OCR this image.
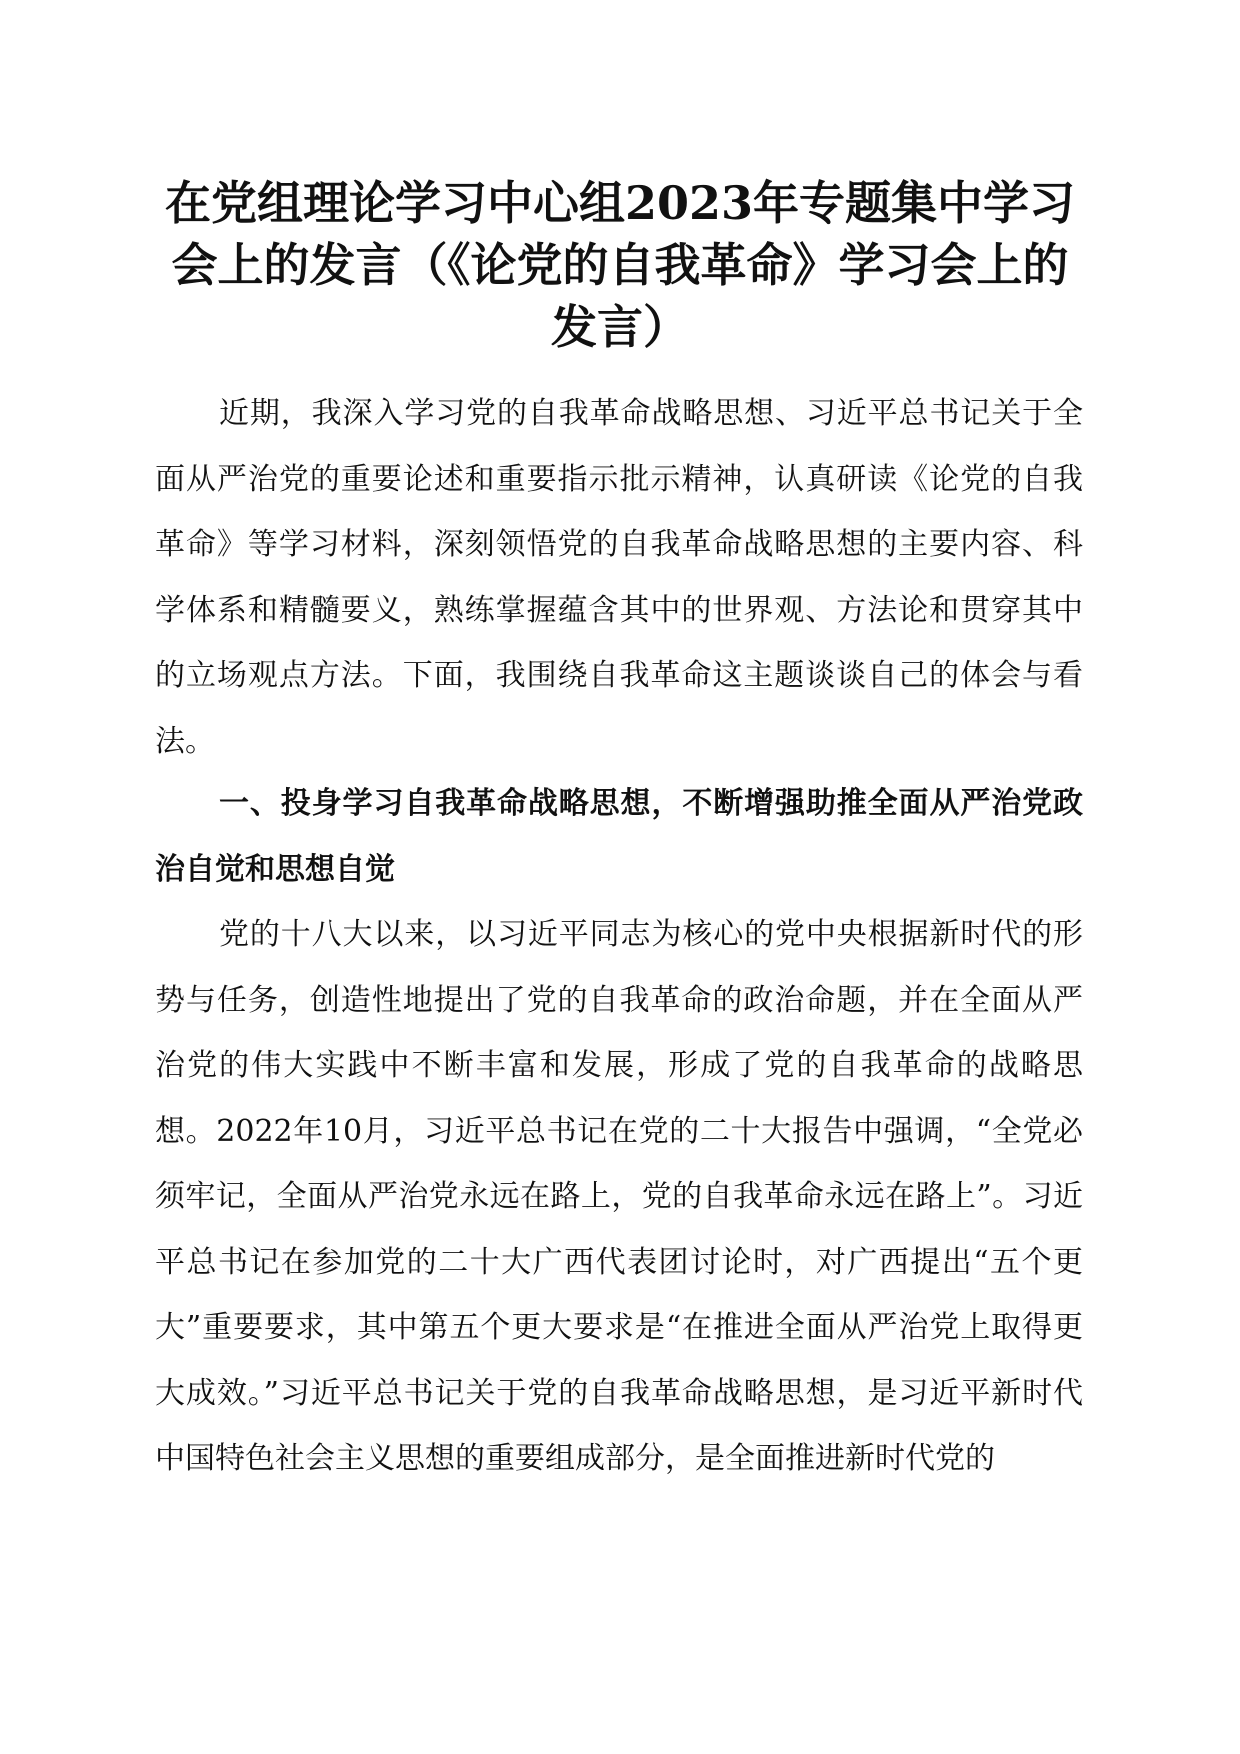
在党组理论学习中心组2023年专题集中学习会上的发言（《论党的自我革命》学习会上的发言）

近期，我深入学习党的自我革命战略思想、习近平总书记关于全面从严治党的重要论述和重要指示批示精神，认真研读《论党的自我革命》等学习材料，深刻领悟党的自我革命战略思想的主要内容、科学体系和精髓要义，熟练掌握蕴含其中的世界观、方法论和贯穿其中的立场观点方法。下面，我围绕自我革命这主题谈谈自己的体会与看法。

一、投身学习自我革命战略思想，不断增强助推全面从严治党政治自觉和思想自觉

党的十八大以来，以习近平同志为核心的党中央根据新时代的形势与任务，创造性地提出了党的自我革命的政治命题，并在全面从严治党的伟大实践中不断丰富和发展，形成了党的自我革命的战略思想。2022年10月，习近平总书记在党的二十大报告中强调，“全党必须牢记，全面从严治党永远在路上，党的自我革命永远在路上”。习近平总书记在参加党的二十大广西代表团讨论时，对广西提出“五个更大”重要要求，其中第五个更大要求是“在推进全面从严治党上取得更大成效。”习近平总书记关于党的自我革命战略思想，是习近平新时代中国特色社会主义思想的重要组成部分，是全面推进新时代党的
